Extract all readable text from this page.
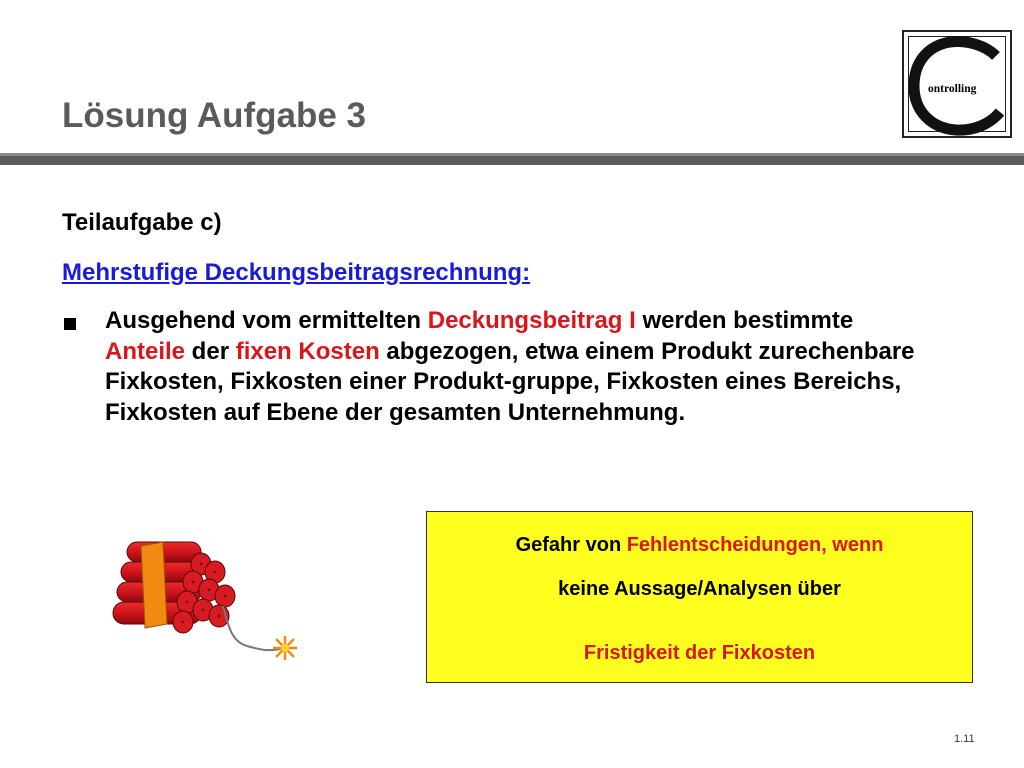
Lösung Aufgabe 3
ontrolling
Teilaufgabe c)
Mehrstufige Deckungsbeitragsrechnung:
Ausgehend vom ermittelten Deckungsbeitrag I werden bestimmte Anteile der fixen Kosten abgezogen, etwa einem Produkt zurechenbare Fixkosten, Fixkosten einer Produkt-gruppe, Fixkosten eines Bereichs, Fixkosten auf Ebene der gesamten Unternehmung.
Gefahr von Fehlentscheidungen, wenn
keine Aussage/Analysen über
Fristigkeit der Fixkosten
1.11
